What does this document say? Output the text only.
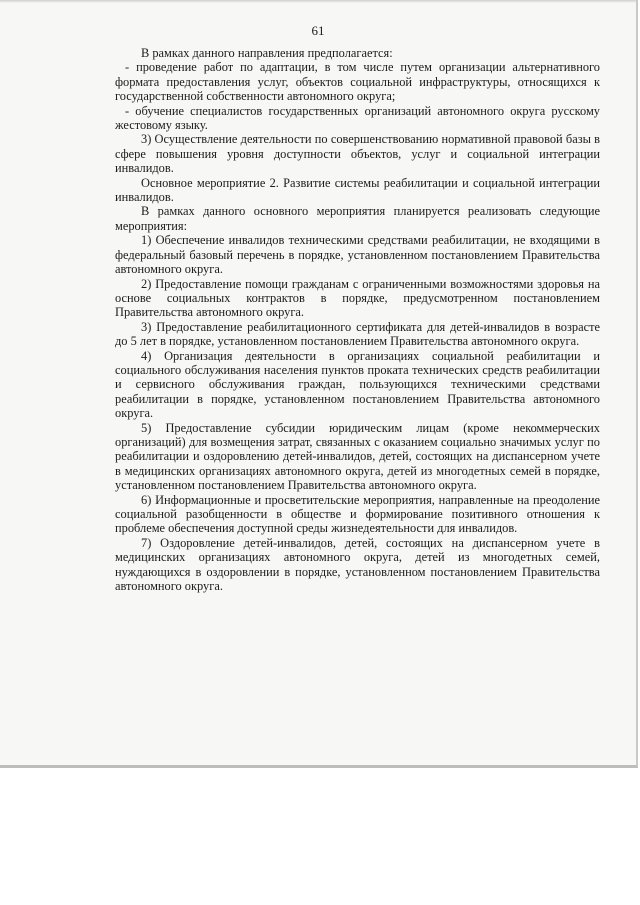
61

В рамках данного направления предполагается:

- проведение работ по адаптации, в том числе путем организации альтернативного формата предоставления услуг, объектов социальной инфраструктуры, относящихся к государственной собственности автономного округа;

- обучение специалистов государственных организаций автономного округа русскому жестовому языку.

3) Осуществление деятельности по совершенствованию нормативной правовой базы в сфере повышения уровня доступности объектов, услуг и социальной интеграции инвалидов.

Основное мероприятие 2. Развитие системы реабилитации и социальной интеграции инвалидов.

В рамках данного основного мероприятия планируется реализовать следующие мероприятия:

1) Обеспечение инвалидов техническими средствами реабилитации, не входящими в федеральный базовый перечень в порядке, установленном постановлением Правительства автономного округа.

2) Предоставление помощи гражданам с ограниченными возможностями здоровья на основе социальных контрактов в порядке, предусмотренном постановлением Правительства автономного округа.

3) Предоставление реабилитационного сертификата для детей-инвалидов в возрасте до 5 лет в порядке, установленном постановлением Правительства автономного округа.

4) Организация деятельности в организациях социальной реабилитации и социального обслуживания населения пунктов проката технических средств реабилитации и сервисного обслуживания граждан, пользующихся техническими средствами реабилитации в порядке, установленном постановлением Правительства автономного округа.

5) Предоставление субсидии юридическим лицам (кроме некоммерческих организаций) для возмещения затрат, связанных с оказанием социально значимых услуг по реабилитации и оздоровлению детей-инвалидов, детей, состоящих на диспансерном учете в медицинских организациях автономного округа, детей из многодетных семей в порядке, установленном постановлением Правительства автономного округа.

6) Информационные и просветительские мероприятия, направленные на преодоление социальной разобщенности в обществе и формирование позитивного отношения к проблеме обеспечения доступной среды жизнедеятельности для инвалидов.

7) Оздоровление детей-инвалидов, детей, состоящих на диспансерном учете в медицинских организациях автономного округа, детей из многодетных семей, нуждающихся в оздоровлении в порядке, установленном постановлением Правительства автономного округа.
